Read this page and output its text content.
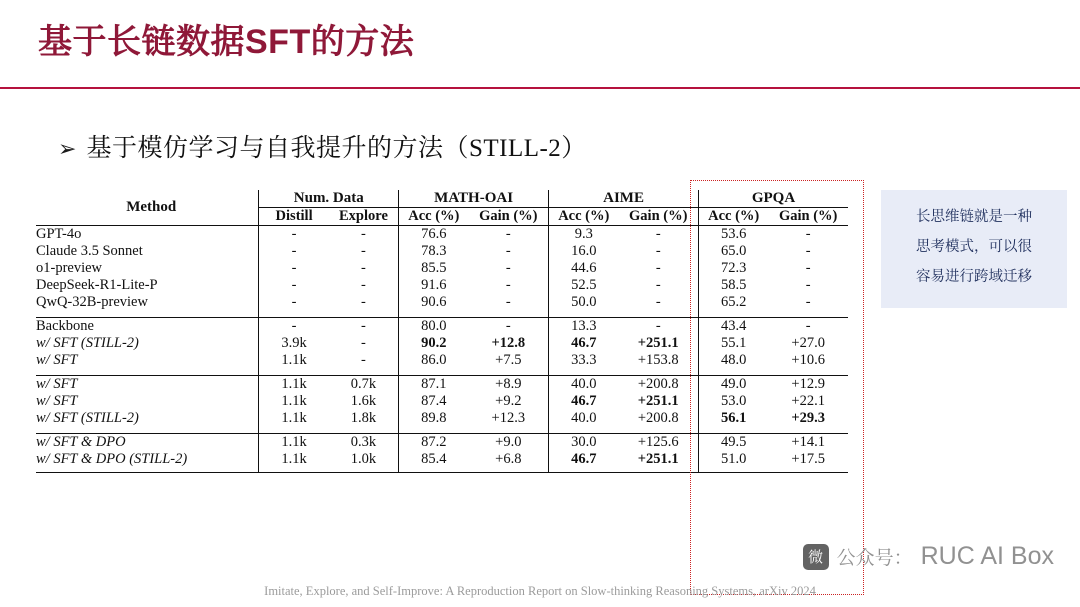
基于长链数据SFT的方法
➢ 基于模仿学习与自我提升的方法（STILL-2）
Method	Num. Data		MATH-OAI		AIME		GPQA	
	Distill	Explore	Acc (%)	Gain (%)	Acc (%)	Gain (%)	Acc (%)	Gain (%)
GPT-4o	-	-	76.6	-	9.3	-	53.6	-
Claude 3.5 Sonnet	-	-	78.3	-	16.0	-	65.0	-
o1-preview	-	-	85.5	-	44.6	-	72.3	-
DeepSeek-R1-Lite-P	-	-	91.6	-	52.5	-	58.5	-
QwQ-32B-preview	-	-	90.6	-	50.0	-	65.2	-

Backbone	-	-	80.0	-	13.3	-	43.4	-
w/ SFT (STILL-2)	3.9k	-	90.2	+12.8	46.7	+251.1	55.1	+27.0
w/ SFT	1.1k	-	86.0	+7.5	33.3	+153.8	48.0	+10.6

w/ SFT	1.1k	0.7k	87.1	+8.9	40.0	+200.8	49.0	+12.9
w/ SFT	1.1k	1.6k	87.4	+9.2	46.7	+251.1	53.0	+22.1
w/ SFT (STILL-2)	1.1k	1.8k	89.8	+12.3	40.0	+200.8	56.1	+29.3

w/ SFT & DPO	1.1k	0.3k	87.2	+9.0	30.0	+125.6	49.5	+14.1
w/ SFT & DPO (STILL-2)	1.1k	1.0k	85.4	+6.8	46.7	+251.1	51.0	+17.5
长思维链就是一种
思考模式，可以很
容易进行跨域迁移
微 公众号： RUC AI Box
Imitate, Explore, and Self-Improve: A Reproduction Report on Slow-thinking Reasoning Systems, arXiv 2024
